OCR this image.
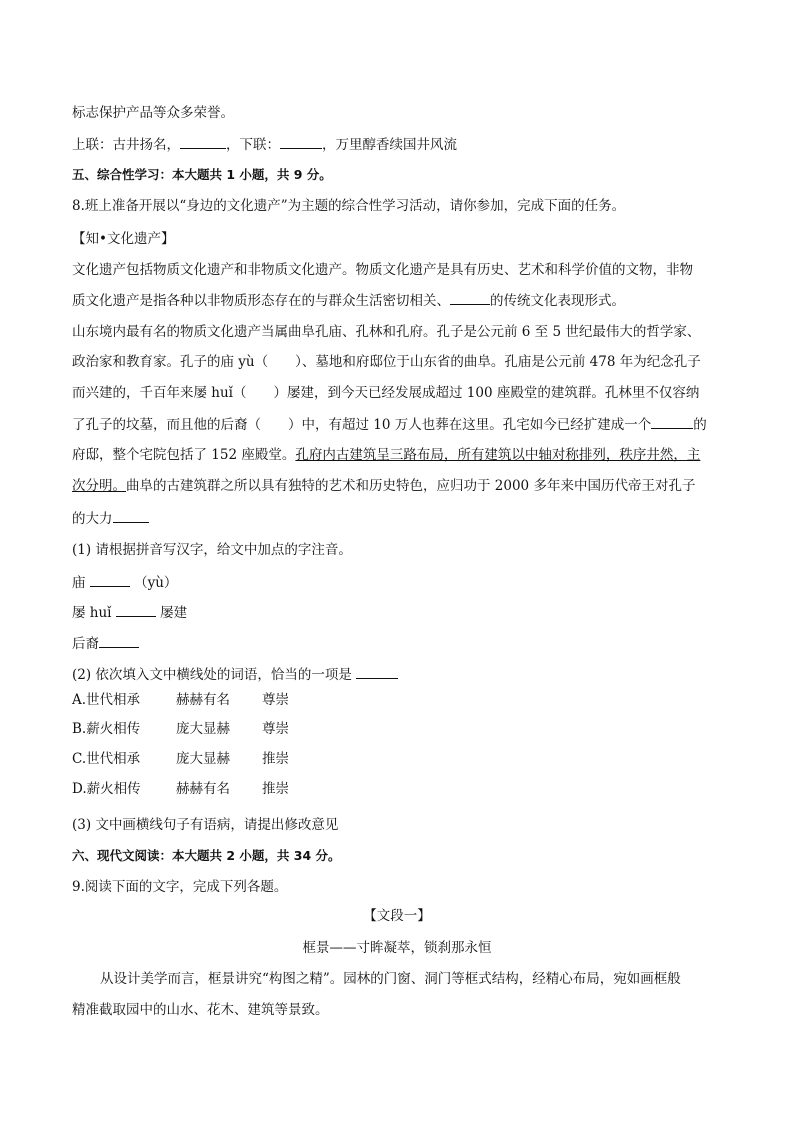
标志保护产品等众多荣誉。
上联：古井扬名，	，下联：	，万里醇香续国井风流
五、综合性学习：本大题共 1 小题，共 9 分。
8.班上准备开展以“身边的文化遗产”为主题的综合性学习活动，请你参加，完成下面的任务。
【知•文化遗产】
文化遗产包括物质文化遗产和非物质文化遗产。物质文化遗产是具有历史、艺术和科学价值的文物，非物
质文化遗产是指各种以非物质形态存在的与群众生活密切相关、	的传统文化表现形式。
山东境内最有名的物质文化遗产当属曲阜孔庙、孔林和孔府。孔子是公元前 6 至 5 世纪最伟大的哲学家、
政治家和教育家。孔子的庙 yù（　　）、墓地和府邸位于山东省的曲阜。孔庙是公元前 478 年为纪念孔子
而兴建的，千百年来屡 huǐ（　　）屡建，到今天已经发展成超过 100 座殿堂的建筑群。孔林里不仅容纳
了孔子的坟墓，而且他的后裔（　　）中，有超过 10 万人也葬在这里。孔宅如今已经扩建成一个	的
府邸，整个宅院包括了 152 座殿堂。孔府内古建筑呈三路布局，所有建筑以中轴对称排列，秩序井然，主
次分明。曲阜的古建筑群之所以具有独特的艺术和历史特色，应归功于 2000 多年来中国历代帝王对孔子
的大力
(1) 请根据拼音写汉字，给文中加点的字注音。
庙	（yù）
屡 huǐ	屡建
后裔
(2) 依次填入文中横线处的词语，恰当的一项是
A.世代相承	赫赫有名 尊崇
B.薪火相传	庞大显赫 尊崇
C.世代相承	庞大显赫 推崇
D.薪火相传	赫赫有名 推崇
(3) 文中画横线句子有语病，请提出修改意见
六、现代文阅读：本大题共 2 小题，共 34 分。
9.阅读下面的文字，完成下列各题。
【文段一】
框景——寸眸凝萃，锁刹那永恒
从设计美学而言，框景讲究“构图之精”。园林的门窗、洞门等框式结构，经精心布局，宛如画框般
精准截取园中的山水、花木、建筑等景致。
